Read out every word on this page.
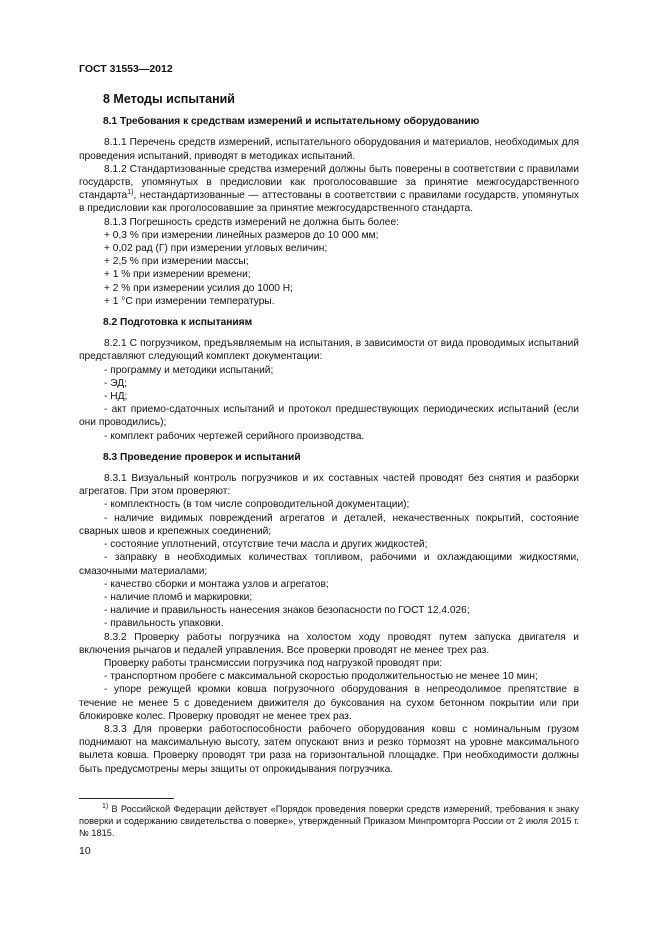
ГОСТ 31553—2012
8 Методы испытаний
8.1 Требования к средствам измерений и испытательному оборудованию

8.1.1 Перечень средств измерений, испытательного оборудования и материалов, необходимых для проведения испытаний, приводят в методиках испытаний.

8.1.2 Стандартизованные средства измерений должны быть поверены в соответствии с правилами государств, упомянутых в предисловии как проголосовавшие за принятие межгосударственного стандарта$^{1)}$, нестандартизованные — аттестованы в соответствии с правилами государств, упомянутых в предисловии как проголосовавшие за принятие межгосударственного стандарта.

8.1.3 Погрешность средств измерений не должна быть более:

+ 0,3 % при измерении линейных размеров до 10 000 мм;

+ 0,02 рад (Г) при измерении угловых величин;

+ 2,5 % при измерении массы;

+ 1 % при измерении времени;

+ 2 % при измерении усилия до 1000 Н;

+ 1 °С при измерении температуры.

8.2 Подготовка к испытаниям

8.2.1 С погрузчиком, предъявляемым на испытания, в зависимости от вида проводимых испытаний представляют следующий комплект документации:

- программу и методики испытаний;

- ЭД;

- НД;

- акт приемо-сдаточных испытаний и протокол предшествующих периодических испытаний (если они проводились);

- комплект рабочих чертежей серийного производства.

8.3 Проведение проверок и испытаний

8.3.1 Визуальный контроль погрузчиков и их составных частей проводят без снятия и разборки агрегатов. При этом проверяют:

- комплектность (в том числе сопроводительной документации);

- наличие видимых повреждений агрегатов и деталей, некачественных покрытий, состояние сварных швов и крепежных соединений;

- состояние уплотнений, отсутствие течи масла и других жидкостей;

- заправку в необходимых количествах топливом, рабочими и охлаждающими жидкостями, смазочными материалами;

- качество сборки и монтажа узлов и агрегатов;

- наличие пломб и маркировки;

- наличие и правильность нанесения знаков безопасности по ГОСТ 12.4.026;

- правильность упаковки.

8.3.2 Проверку работы погрузчика на холостом ходу проводят путем запуска двигателя и включения рычагов и педалей управления. Все проверки проводят не менее трех раз.

Проверку работы трансмиссии погрузчика под нагрузкой проводят при:

- транспортном пробеге с максимальной скоростью продолжительностью не менее 10 мин;

- упоре режущей кромки ковша погрузочного оборудования в непреодолимое препятствие в течение не менее 5 с доведением движителя до буксования на сухом бетонном покрытии или при блокировке колес. Проверку проводят не менее трех раз.

8.3.3 Для проверки работоспособности рабочего оборудования ковш с номинальным грузом поднимают на максимальную высоту, затем опускают вниз и резко тормозят на уровне максимального вылета ковша. Проверку проводят три раза на горизонтальной площадке. При необходимости должны быть предусмотрены меры защиты от опрокидывания погрузчика.

$^{1)}$ В Российской Федерации действует «Порядок проведения поверки средств измерений, требования к знаку поверки и содержанию свидетельства о поверке», утвержденный Приказом Минпромторга России от 2 июля 2015 г. № 1815.
10
